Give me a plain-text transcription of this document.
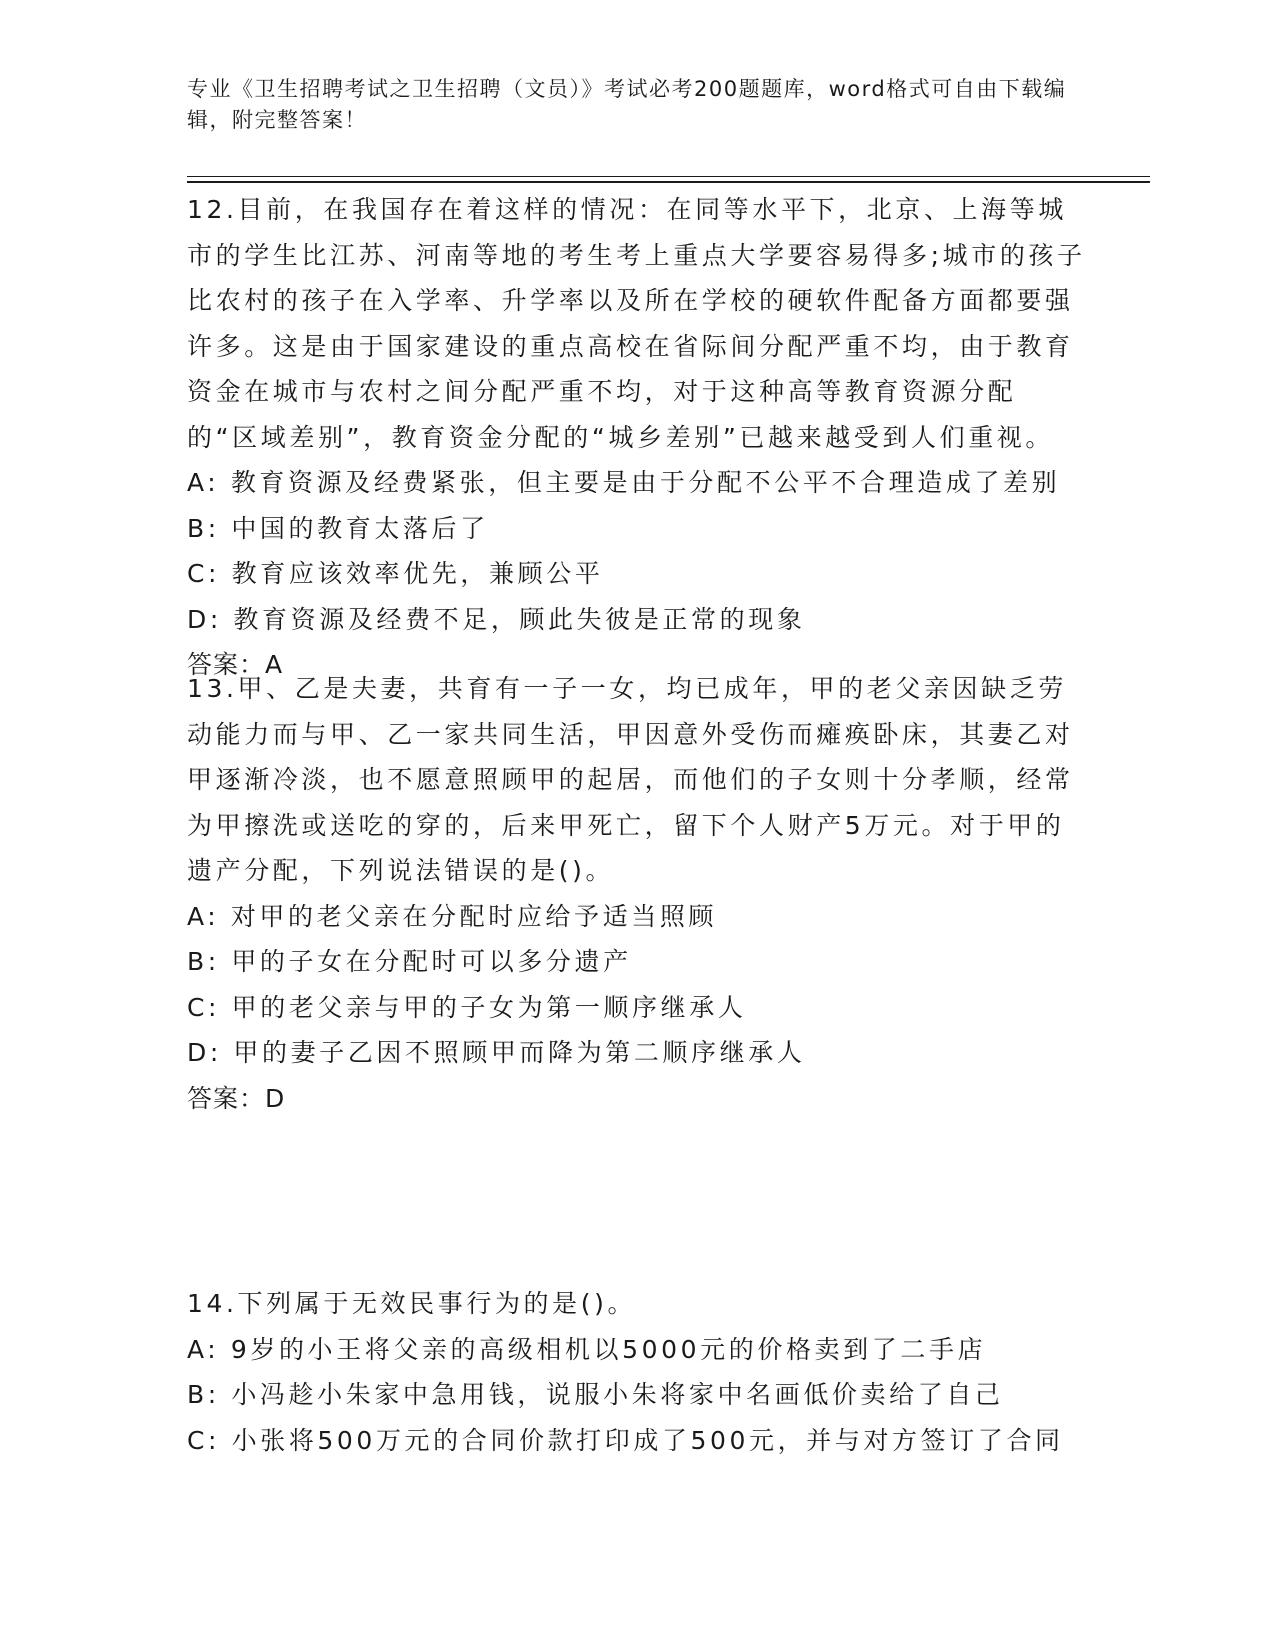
专业《卫生招聘考试之卫生招聘（文员）》考试必考200题题库，word格式可自由下载编辑，附完整答案！

12.目前，在我国存在着这样的情况：在同等水平下，北京、上海等城市的学生比江苏、河南等地的考生考上重点大学要容易得多;城市的孩子比农村的孩子在入学率、升学率以及所在学校的硬软件配备方面都要强许多。这是由于国家建设的重点高校在省际间分配严重不均，由于教育资金在城市与农村之间分配严重不均，对于这种高等教育资源分配的“区域差别”，教育资金分配的“城乡差别”已越来越受到人们重视。

A: 教育资源及经费紧张，但主要是由于分配不公平不合理造成了差别

B: 中国的教育太落后了

C: 教育应该效率优先，兼顾公平

D: 教育资源及经费不足，顾此失彼是正常的现象

答案：A

13.甲、乙是夫妻，共育有一子一女，均已成年，甲的老父亲因缺乏劳动能力而与甲、乙一家共同生活，甲因意外受伤而瘫痪卧床，其妻乙对甲逐渐冷淡，也不愿意照顾甲的起居，而他们的子女则十分孝顺，经常为甲擦洗或送吃的穿的，后来甲死亡，留下个人财产5万元。对于甲的遗产分配，下列说法错误的是()。

A: 对甲的老父亲在分配时应给予适当照顾

B: 甲的子女在分配时可以多分遗产

C: 甲的老父亲与甲的子女为第一顺序继承人

D: 甲的妻子乙因不照顾甲而降为第二顺序继承人

答案：D

14.下列属于无效民事行为的是()。

A: 9岁的小王将父亲的高级相机以5000元的价格卖到了二手店

B: 小冯趁小朱家中急用钱，说服小朱将家中名画低价卖给了自己

C: 小张将500万元的合同价款打印成了500元，并与对方签订了合同
